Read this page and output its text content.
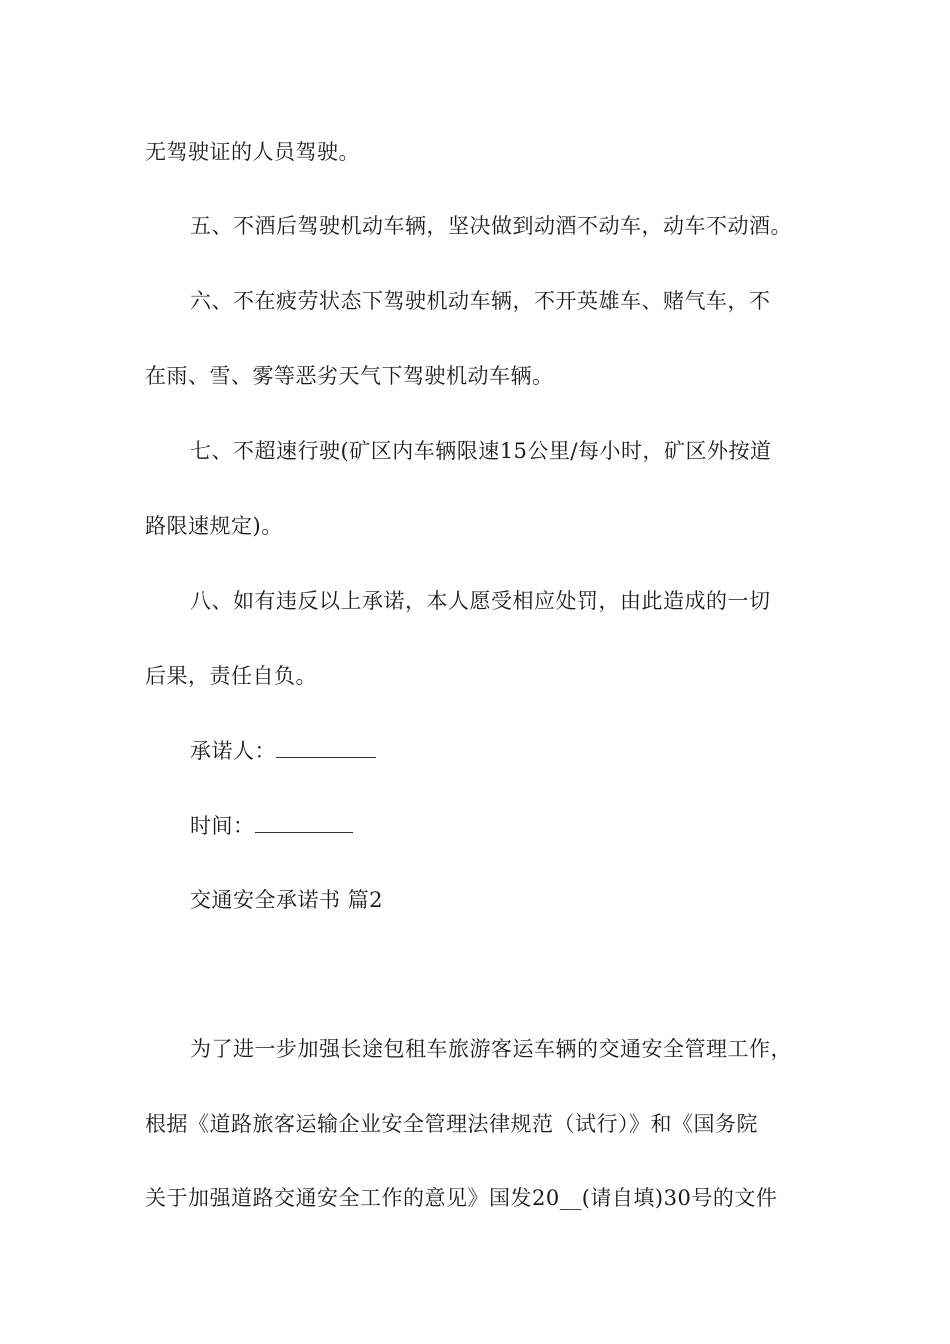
无驾驶证的人员驾驶。
五、不酒后驾驶机动车辆，坚决做到动酒不动车，动车不动酒。
六、不在疲劳状态下驾驶机动车辆，不开英雄车、赌气车，不
在雨、雪、雾等恶劣天气下驾驶机动车辆。
七、不超速行驶(矿区内车辆限速15公里/每小时，矿区外按道
路限速规定)。
八、如有违反以上承诺，本人愿受相应处罚，由此造成的一切
后果，责任自负。
承诺人：
时间：
交通安全承诺书 篇2
为了进一步加强长途包租车旅游客运车辆的交通安全管理工作，
根据《道路旅客运输企业安全管理法律规范（试行）》和《国务院
关于加强道路交通安全工作的意见》国发20__(请自填)30号的文件
